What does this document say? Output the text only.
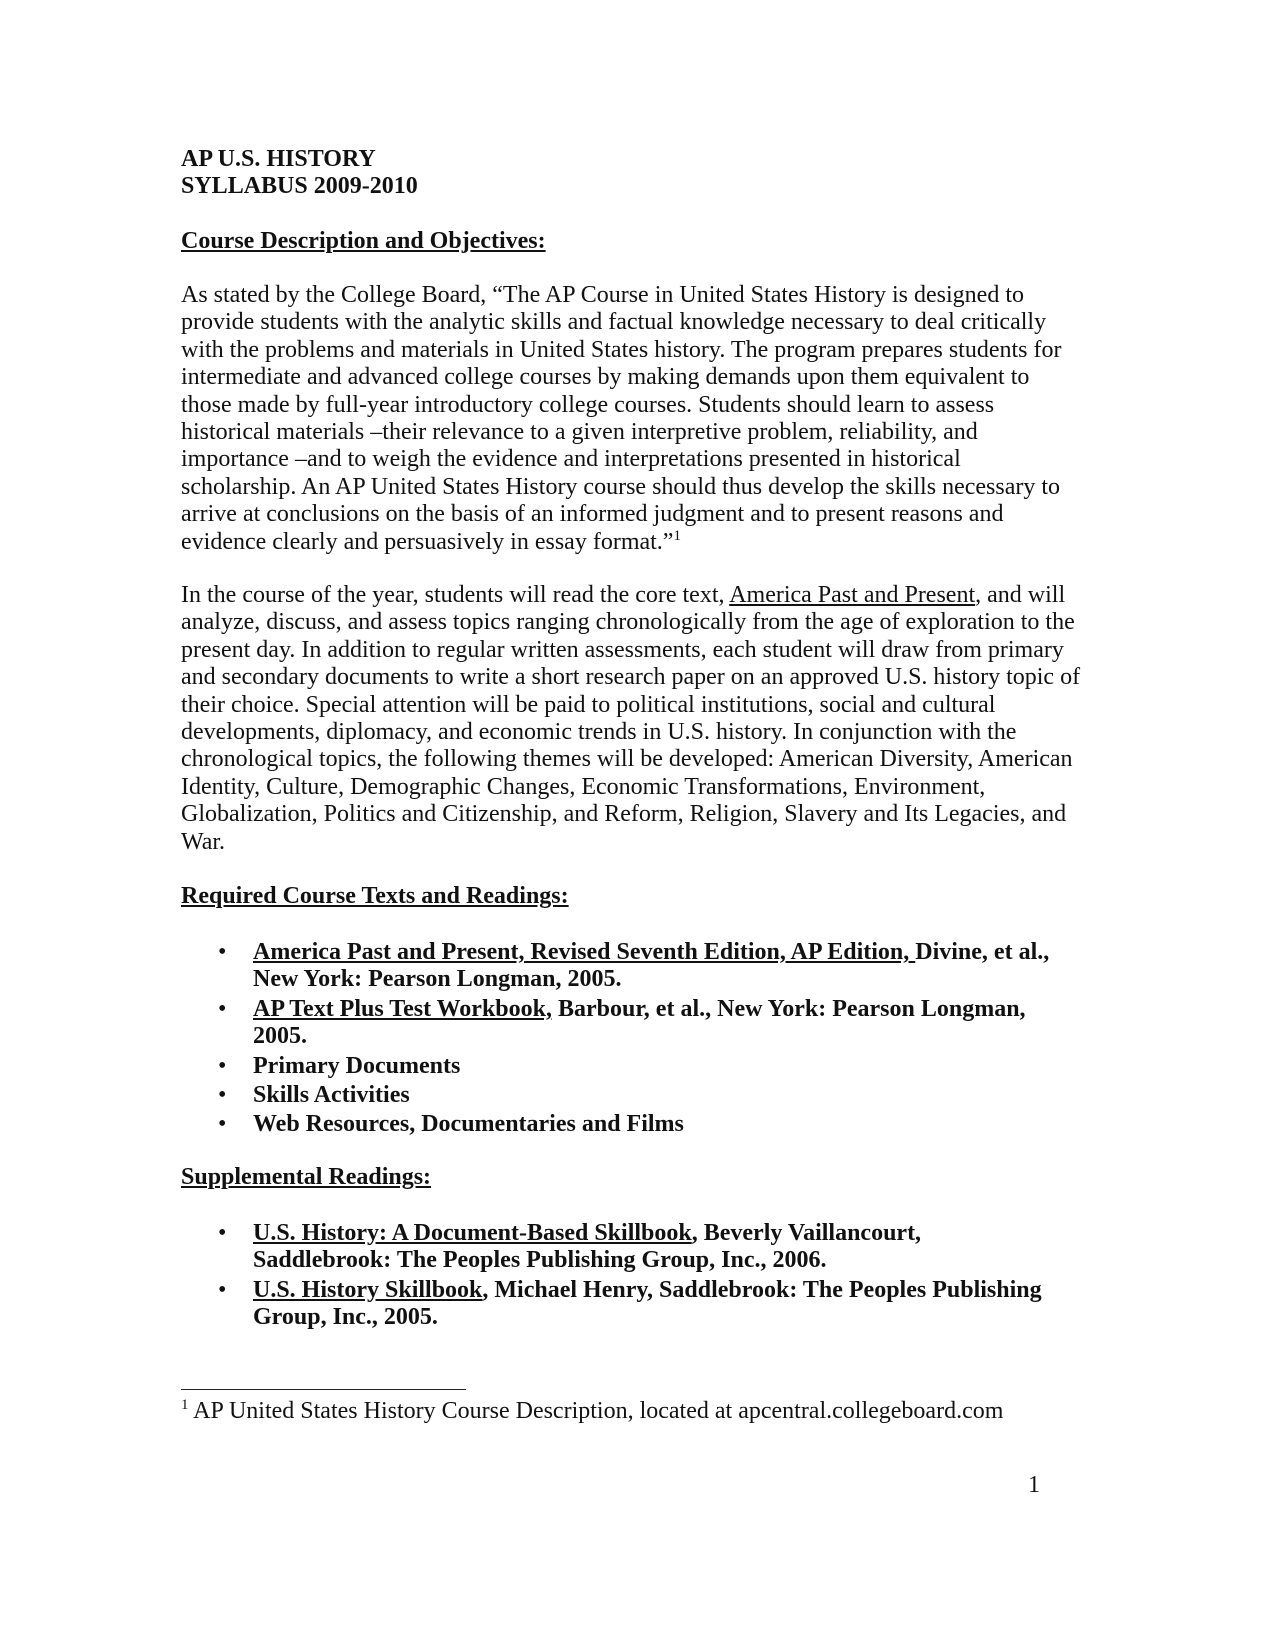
AP U.S. HISTORY
SYLLABUS 2009-2010
Course Description and Objectives:
As stated by the College Board, “The AP Course in United States History is designed to provide students with the analytic skills and factual knowledge necessary to deal critically with the problems and materials in United States history. The program prepares students for intermediate and advanced college courses by making demands upon them equivalent to those made by full-year introductory college courses. Students should learn to assess historical materials –their relevance to a given interpretive problem, reliability, and importance –and to weigh the evidence and interpretations presented in historical scholarship. An AP United States History course should thus develop the skills necessary to arrive at conclusions on the basis of an informed judgment and to present reasons and evidence clearly and persuasively in essay format.”$^1$
In the course of the year, students will read the core text, America Past and Present, and will analyze, discuss, and assess topics ranging chronologically from the age of exploration to the present day. In addition to regular written assessments, each student will draw from primary and secondary documents to write a short research paper on an approved U.S. history topic of their choice. Special attention will be paid to political institutions, social and cultural developments, diplomacy, and economic trends in U.S. history. In conjunction with the chronological topics, the following themes will be developed: American Diversity, American Identity, Culture, Demographic Changes, Economic Transformations, Environment, Globalization, Politics and Citizenship, and Reform, Religion, Slavery and Its Legacies, and War.
Required Course Texts and Readings:
• America Past and Present, Revised Seventh Edition, AP Edition, Divine, et al., New York: Pearson Longman, 2005.
• AP Text Plus Test Workbook, Barbour, et al., New York: Pearson Longman, 2005.
• Primary Documents
• Skills Activities
• Web Resources, Documentaries and Films
Supplemental Readings:
• U.S. History: A Document-Based Skillbook, Beverly Vaillancourt, Saddlebrook: The Peoples Publishing Group, Inc., 2006.
• U.S. History Skillbook, Michael Henry, Saddlebrook: The Peoples Publishing Group, Inc., 2005.
$^1$ AP United States History Course Description, located at apcentral.collegeboard.com
1
